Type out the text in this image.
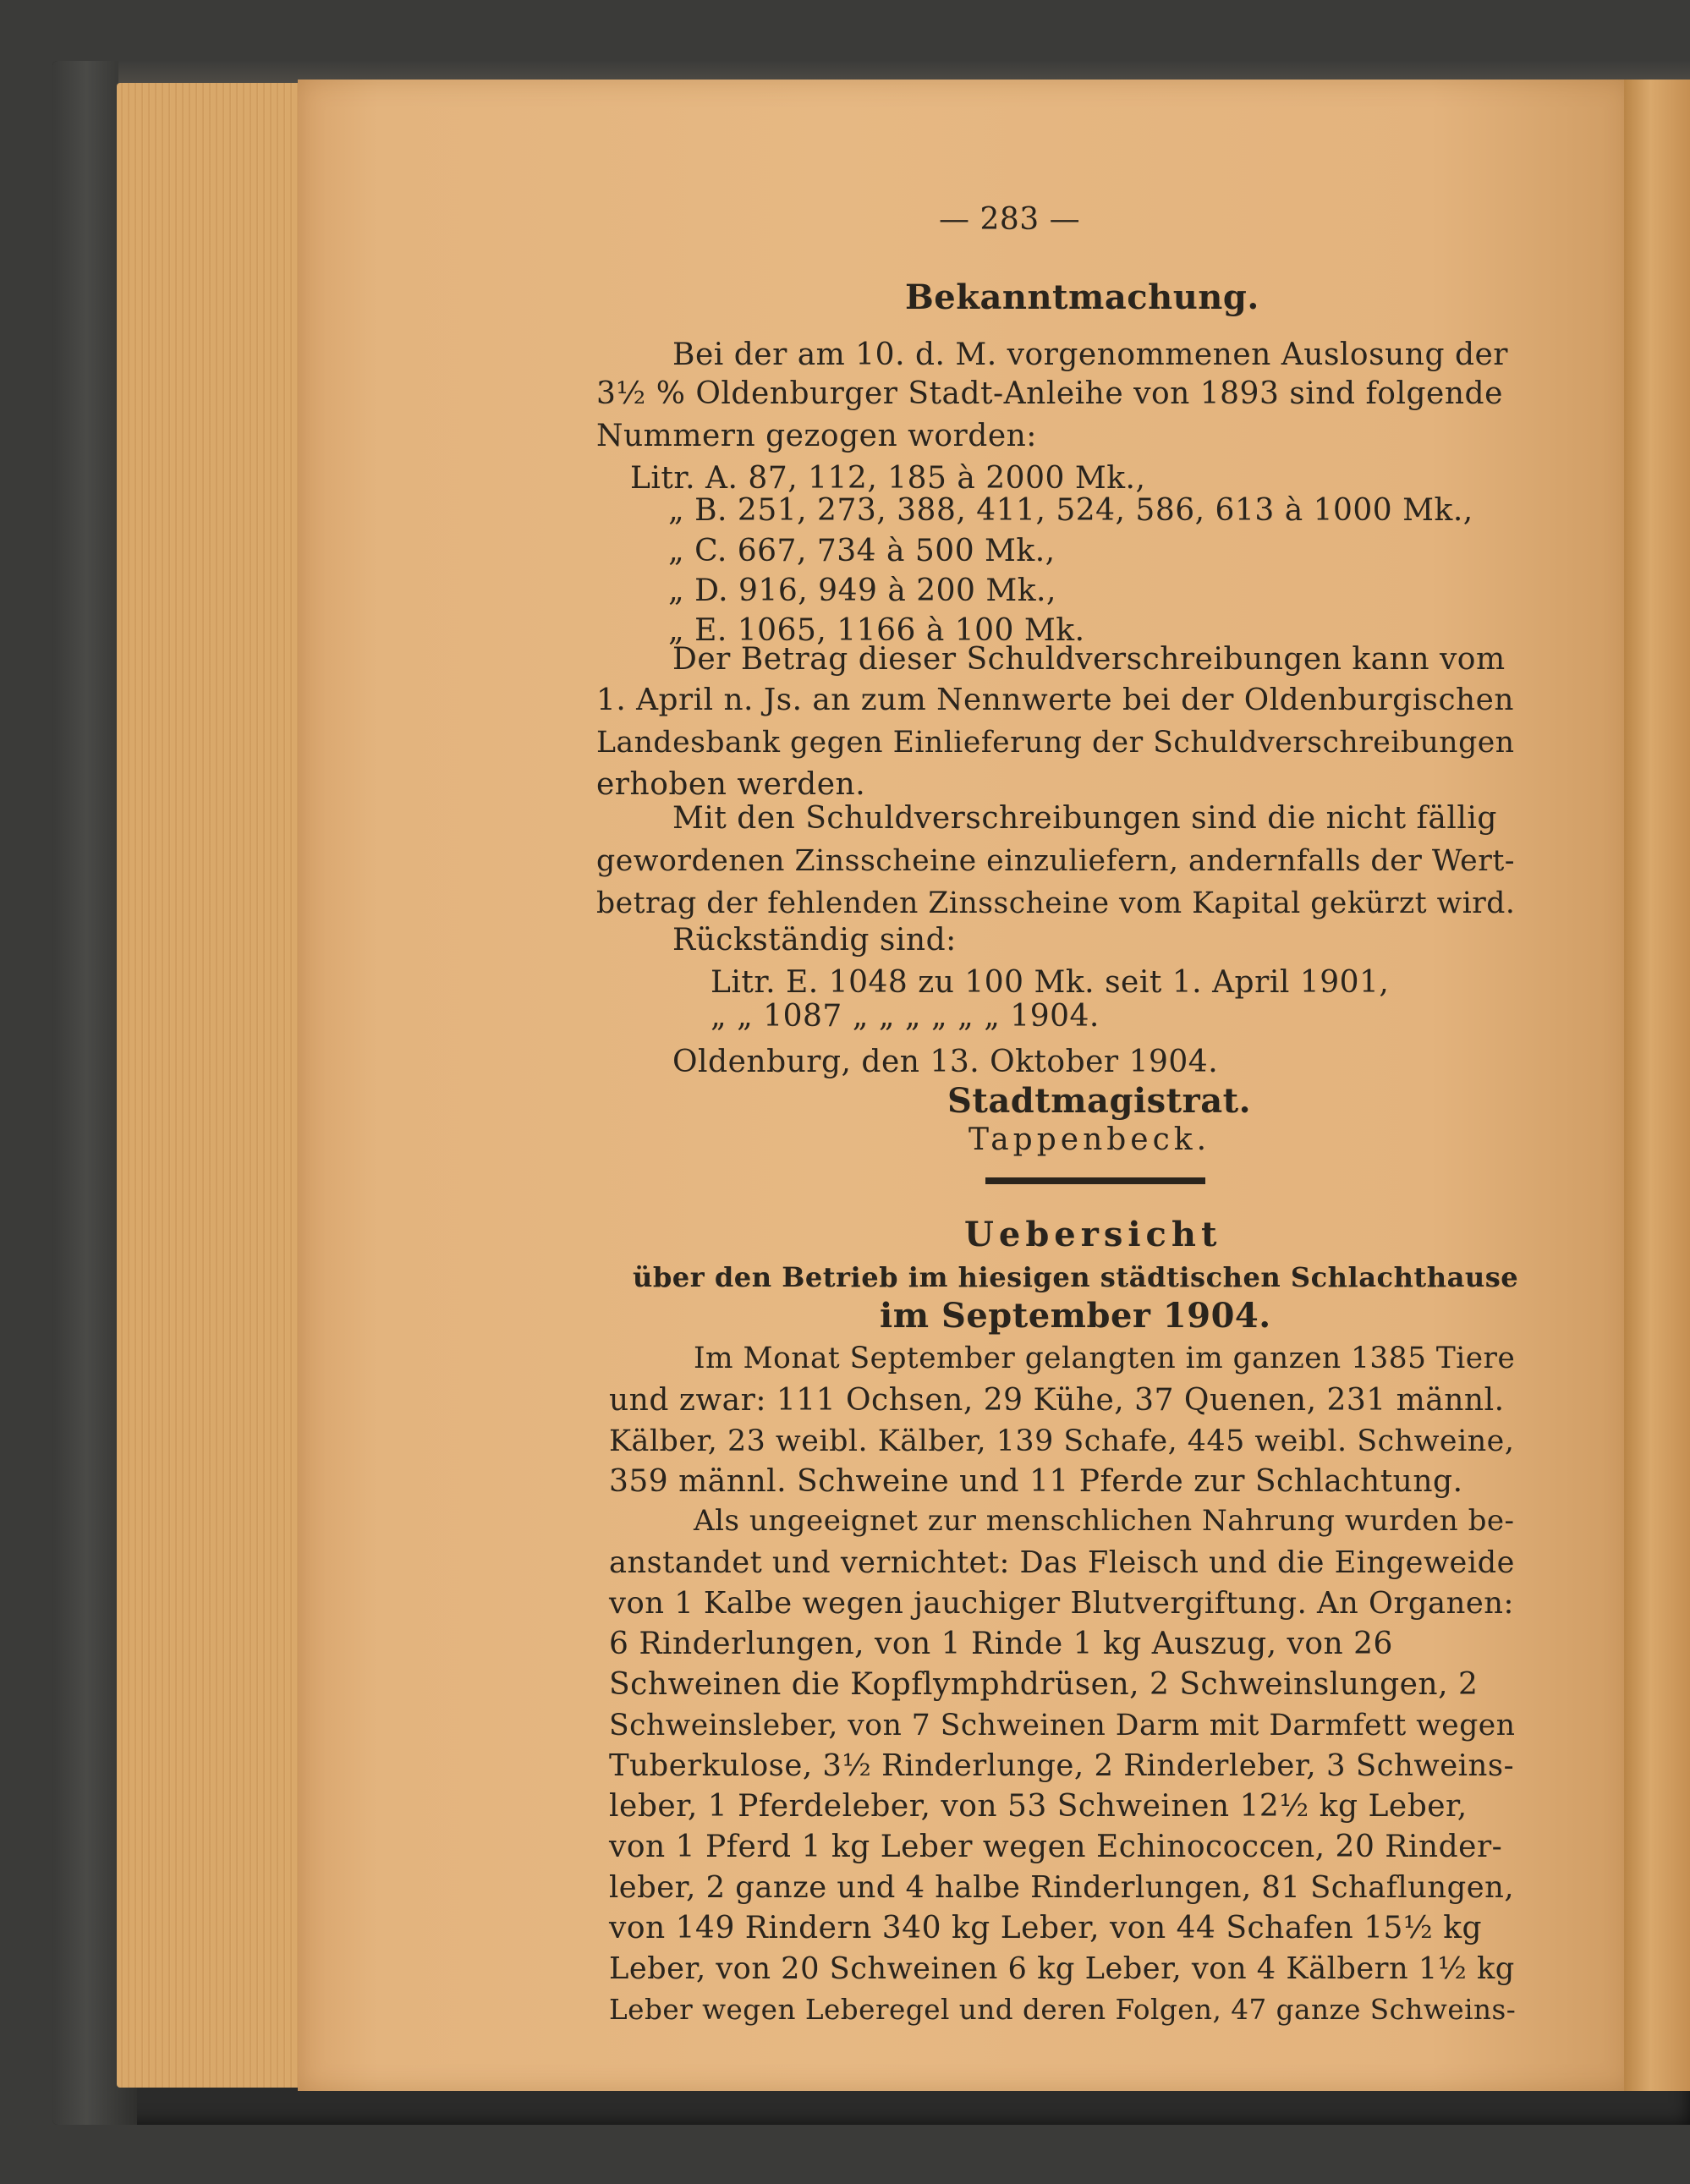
— 283 —
Bekanntmachung.
Bei der am 10. d. M. vorgenommenen Auslosung der
3½ % Oldenburger Stadt-Anleihe von 1893 sind folgende
Nummern gezogen worden:
Litr. A. 87, 112, 185 à 2000 Mk.,
„ B. 251, 273, 388, 411, 524, 586, 613 à 1000 Mk.,
„ C. 667, 734 à 500 Mk.,
„ D. 916, 949 à 200 Mk.,
„ E. 1065, 1166 à 100 Mk.
Der Betrag dieser Schuldverschreibungen kann vom
1. April n. Js. an zum Nennwerte bei der Oldenburgischen
Landesbank gegen Einlieferung der Schuldverschreibungen
erhoben werden.
Mit den Schuldverschreibungen sind die nicht fällig
gewordenen Zinsscheine einzuliefern, andernfalls der Wert-
betrag der fehlenden Zinsscheine vom Kapital gekürzt wird.
Rückständig sind:
Litr. E. 1048 zu 100 Mk. seit 1. April 1901,
„ „ 1087 „ „ „ „ „ „ 1904.
Oldenburg, den 13. Oktober 1904.
Stadtmagistrat.
Tappenbeck.
Uebersicht
über den Betrieb im hiesigen städtischen Schlachthause
im September 1904.
Im Monat September gelangten im ganzen 1385 Tiere
und zwar: 111 Ochsen, 29 Kühe, 37 Quenen, 231 männl.
Kälber, 23 weibl. Kälber, 139 Schafe, 445 weibl. Schweine,
359 männl. Schweine und 11 Pferde zur Schlachtung.
Als ungeeignet zur menschlichen Nahrung wurden be-
anstandet und vernichtet: Das Fleisch und die Eingeweide
von 1 Kalbe wegen jauchiger Blutvergiftung. An Organen:
6 Rinderlungen, von 1 Rinde 1 kg Auszug, von 26
Schweinen die Kopflymphdrüsen, 2 Schweinslungen, 2
Schweinsleber, von 7 Schweinen Darm mit Darmfett wegen
Tuberkulose, 3½ Rinderlunge, 2 Rinderleber, 3 Schweins-
leber, 1 Pferdeleber, von 53 Schweinen 12½ kg Leber,
von 1 Pferd 1 kg Leber wegen Echinococcen, 20 Rinder-
leber, 2 ganze und 4 halbe Rinderlungen, 81 Schaflungen,
von 149 Rindern 340 kg Leber, von 44 Schafen 15½ kg
Leber, von 20 Schweinen 6 kg Leber, von 4 Kälbern 1½ kg
Leber wegen Leberegel und deren Folgen, 47 ganze Schweins-
